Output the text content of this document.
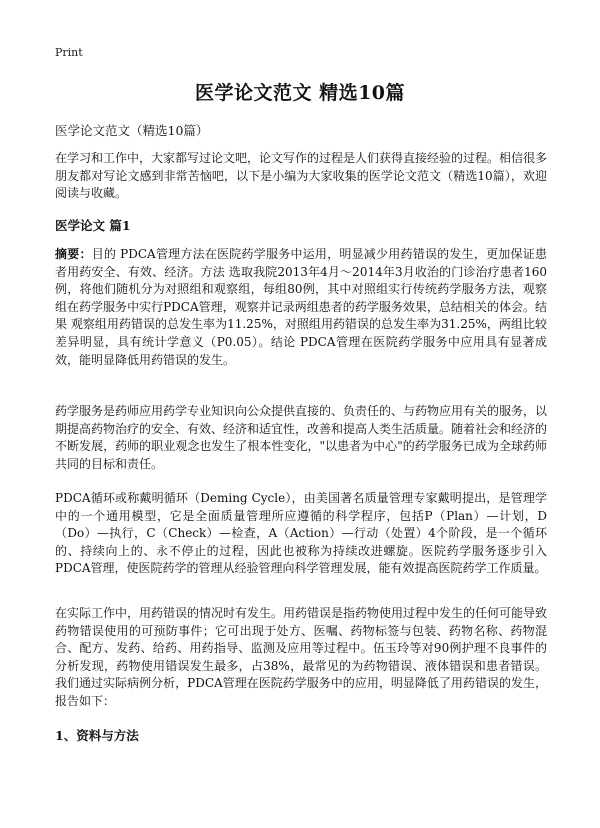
Print
医学论文范文 精选10篇
医学论文范文（精选10篇）

在学习和工作中，大家都写过论文吧，论文写作的过程是人们获得直接经验的过程。相信很多朋友都对写论文感到非常苦恼吧，以下是小编为大家收集的医学论文范文（精选10篇），欢迎阅读与收藏。

医学论文 篇1

摘要：目的 PDCA管理方法在医院药学服务中运用，明显减少用药错误的发生，更加保证患者用药安全、有效、经济。方法 选取我院2013年4月～2014年3月收治的门诊治疗患者160例，将他们随机分为对照组和观察组，每组80例，其中对照组实行传统药学服务方法，观察组在药学服务中实行PDCA管理，观察并记录两组患者的药学服务效果，总结相关的体会。结果 观察组用药错误的总发生率为11.25%，对照组用药错误的总发生率为31.25%，两组比较差异明显，具有统计学意义（P0.05）。结论 PDCA管理在医院药学服务中应用具有显著成效，能明显降低用药错误的发生。

药学服务是药师应用药学专业知识向公众提供直接的、负责任的、与药物应用有关的服务，以期提高药物治疗的安全、有效、经济和适宜性，改善和提高人类生活质量。随着社会和经济的不断发展，药师的职业观念也发生了根本性变化，"以患者为中心"的药学服务已成为全球药师共同的目标和责任。

PDCA循环或称戴明循环（Deming Cycle），由美国著名质量管理专家戴明提出，是管理学中的一个通用模型，它是全面质量管理所应遵循的科学程序，包括P（Plan）—计划，D（Do）—执行，C（Check）—检查，A（Action）—行动（处置）4个阶段，是一个循环的、持续向上的、永不停止的过程，因此也被称为持续改进螺旋。医院药学服务逐步引入PDCA管理，使医院药学的管理从经验管理向科学管理发展，能有效提高医院药学工作质量。

在实际工作中，用药错误的情况时有发生。用药错误是指药物使用过程中发生的任何可能导致药物错误使用的可预防事件；它可出现于处方、医嘱、药物标签与包装、药物名称、药物混合、配方、发药、给药、用药指导、监测及应用等过程中。伍玉玲等对90例护理不良事件的分析发现，药物使用错误发生最多，占38%，最常见的为药物错误、液体错误和患者错误。我们通过实际病例分析，PDCA管理在医院药学服务中的应用，明显降低了用药错误的发生，报告如下：

1、资料与方法
